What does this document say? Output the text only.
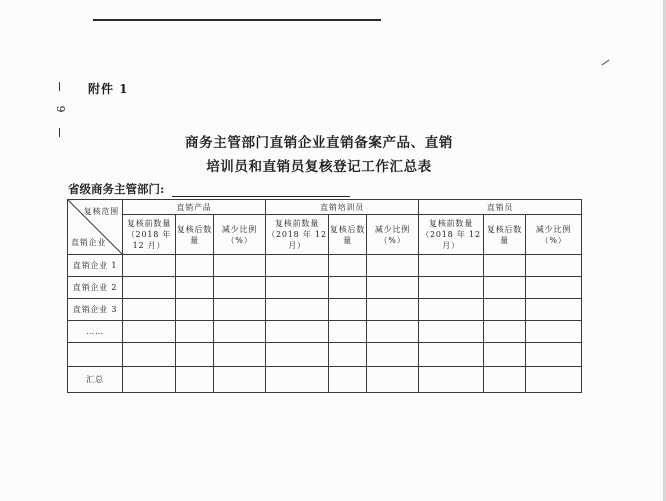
9
附件 1
商务主管部门直销企业直销备案产品、直销
培训员和直销员复核登记工作汇总表
省级商务主管部门:
复核范围
直销企业	直销产品			直销培训员			直销员		
	复核前数量（2018 年 12 月）	复核后数量	减少比例（%）	复核前数量（2018 年 12 月）	复核后数量	减少比例（%）	复核前数量（2018 年 12 月）	复核后数量	减少比例（%）
直销企业 1									
直销企业 2									
直销企业 3									
……									

汇总									
